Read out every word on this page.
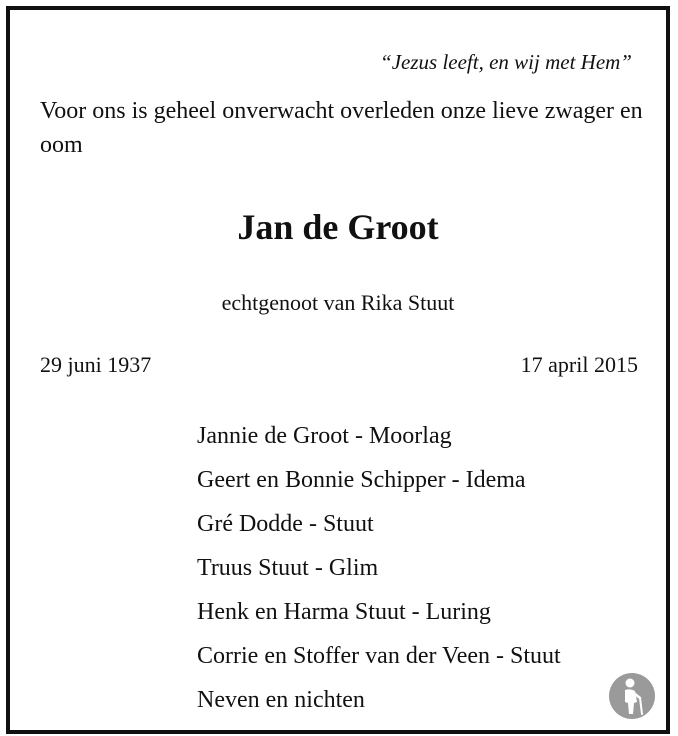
“Jezus leeft, en wij met Hem”
Voor ons is geheel onverwacht overleden onze lieve zwager en oom
Jan de Groot
echtgenoot van Rika Stuut
29 juni 1937	17 april 2015
Jannie de Groot - Moorlag
Geert en Bonnie Schipper - Idema
Gré Dodde - Stuut
Truus Stuut - Glim
Henk en Harma Stuut - Luring
Corrie en Stoffer van der Veen - Stuut
Neven en nichten
